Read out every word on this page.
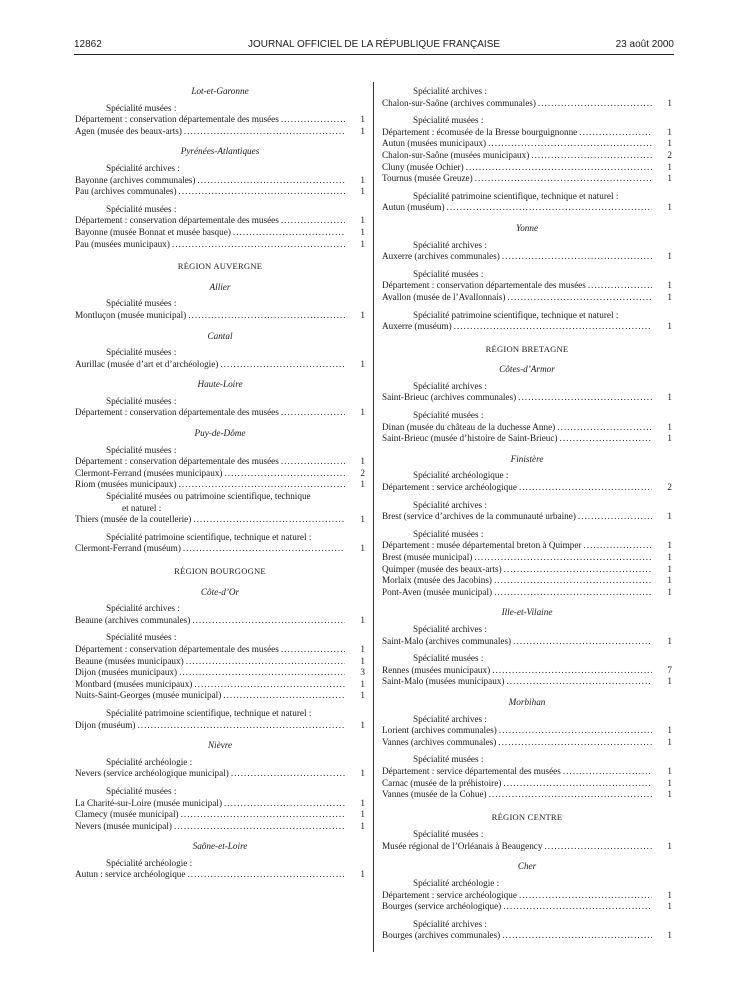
12862	JOURNAL OFFICIEL DE LA RÉPUBLIQUE FRANÇAISE	23 août 2000
Lot-et-Garonne
Spécialité musées :
Département : conservation départementale des musées .....	1
Agen (musée des beaux-arts) .....	1
Pyrénées-Atlantiques
Spécialité archives :
Bayonne (archives communales) .....	1
Pau (archives communales) .....	1
Spécialité musées :
Département : conservation départementale des musées .....	1
Bayonne (musée Bonnat et musée basque) .....	1
Pau (musées municipaux) .....	1
RÉGION AUVERGNE
Allier
Spécialité musées :
Montluçon (musée municipal) .....	1
Cantal
Spécialité musées :
Aurillac (musée d’art et d’archéologie) .....	1
Haute-Loire
Spécialité musées :
Département : conservation départementale des musées .....	1
Puy-de-Dôme
Spécialité musées :
Département : conservation départementale des musées .....	1
Clermont-Ferrand (musées municipaux) .....	2
Riom (musées municipaux) .....	1
Spécialité musées ou patrimoine scientifique, technique
et naturel :
Thiers (musée de la coutellerie) .....	1
Spécialité patrimoine scientifique, technique et naturel :
Clermont-Ferrand (muséum) .....	1
RÉGION BOURGOGNE
Côte-d’Or
Spécialité archives :
Beaune (archives communales) .....	1
Spécialité musées :
Département : conservation départementale des musées .....	1
Beaune (musées municipaux) .....	1
Dijon (musées municipaux) .....	3
Montbard (musées municipaux) .....	1
Nuits-Saint-Georges (musée municipal) .....	1
Spécialité patrimoine scientifique, technique et naturel :
Dijon (muséum) .....	1
Nièvre
Spécialité archéologie :
Nevers (service archéologique municipal) .....	1
Spécialité musées :
La Charité-sur-Loire (musée municipal) .....	1
Clamecy (musée municipal) .....	1
Nevers (musée municipal) .....	1
Saône-et-Loire
Spécialité archéologie :
Autun : service archéologique .....	1
Spécialité archives :
Chalon-sur-Saône (archives communales) .....	1
Spécialité musées :
Département : écomusée de la Bresse bourguignonne .....	1
Autun (musées municipaux) .....	1
Chalon-sur-Saône (musées municipaux) .....	2
Cluny (musée Ochier) .....	1
Tournus (musée Greuze) .....	1
Spécialité patrimoine scientifique, technique et naturel :
Autun (muséum) .....	1
Yonne
Spécialité archives :
Auxerre (archives communales) .....	1
Spécialité musées :
Département : conservation départementale des musées .....	1
Avallon (musée de l’Avallonnais) .....	1
Spécialité patrimoine scientifique, technique et naturel :
Auxerre (muséum) .....	1
RÉGION BRETAGNE
Côtes-d’Armor
Spécialité archives :
Saint-Brieuc (archives communales) .....	1
Spécialité musées :
Dinan (musée du château de la duchesse Anne) .....	1
Saint-Brieuc (musée d’histoire de Saint-Brieuc) .....	1
Finistère
Spécialité archéologique :
Département : service archéologique .....	2
Spécialité archives :
Brest (service d’archives de la communauté urbaine) .....	1
Spécialité musées :
Département : musée départemental breton à Quimper .....	1
Brest (musée municipal) .....	1
Quimper (musée des beaux-arts) .....	1
Morlaix (musée des Jacobins) .....	1
Pont-Aven (musée municipal) .....	1
Ille-et-Vilaine
Spécialité archives :
Saint-Malo (archives communales) .....	1
Spécialité musées :
Rennes (musées municipaux) .....	7
Saint-Malo (musées municipaux) .....	1
Morbihan
Spécialité archives :
Lorient (archives communales) .....	1
Vannes (archives communales) .....	1
Spécialité musées :
Département : service départemental des musées .....	1
Carnac (musée de la préhistoire) .....	1
Vannes (musée de la Cohue) .....	1
RÉGION CENTRE
Spécialité musées :
Musée régional de l’Orléanais à Beaugency .....	1
Cher
Spécialité archéologie :
Département : service archéologique .....	1
Bourges (service archéologique) .....	1
Spécialité archives :
Bourges (archives communales) .....	1
